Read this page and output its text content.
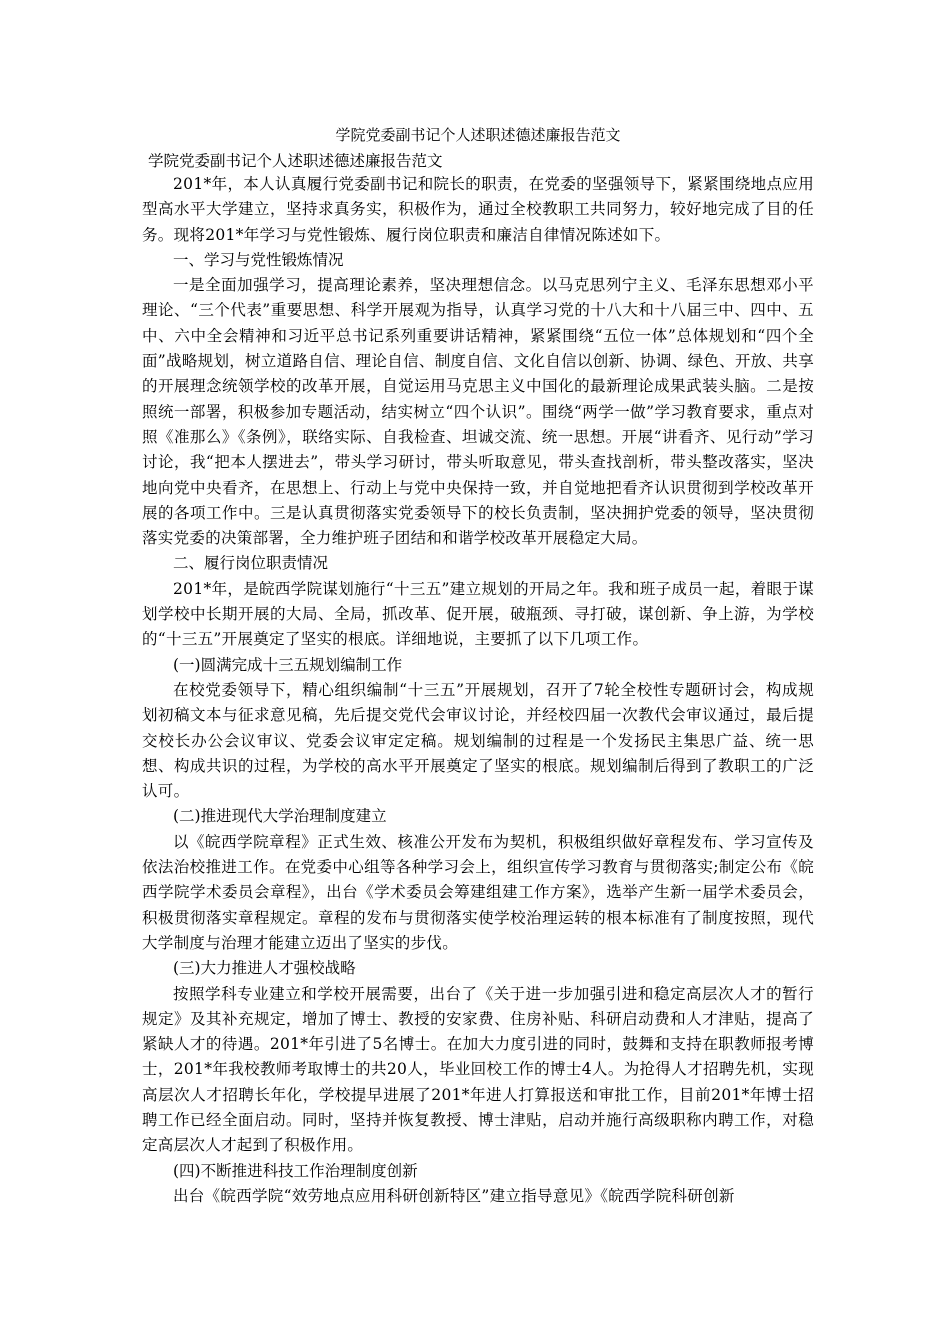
学院党委副书记个人述职述德述廉报告范文

学院党委副书记个人述职述德述廉报告范文

201*年，本人认真履行党委副书记和院长的职责，在党委的坚强领导下，紧紧围绕地点应用型高水平大学建立，坚持求真务实，积极作为，通过全校教职工共同努力，较好地完成了目的任务。现将201*年学习与党性锻炼、履行岗位职责和廉洁自律情况陈述如下。

一、学习与党性锻炼情况

一是全面加强学习，提高理论素养，坚决理想信念。以马克思列宁主义、毛泽东思想邓小平理论、“三个代表”重要思想、科学开展观为指导，认真学习党的十八大和十八届三中、四中、五中、六中全会精神和习近平总书记系列重要讲话精神，紧紧围绕“五位一体”总体规划和“四个全面”战略规划，树立道路自信、理论自信、制度自信、文化自信以创新、协调、绿色、开放、共享的开展理念统领学校的改革开展，自觉运用马克思主义中国化的最新理论成果武装头脑。二是按照统一部署，积极参加专题活动，结实树立“四个认识”。围绕“两学一做”学习教育要求，重点对照《准那么》《条例》，联络实际、自我检查、坦诚交流、统一思想。开展“讲看齐、见行动”学习讨论，我“把本人摆进去”，带头学习研讨，带头听取意见，带头查找剖析，带头整改落实，坚决地向党中央看齐，在思想上、行动上与党中央保持一致，并自觉地把看齐认识贯彻到学校改革开展的各项工作中。三是认真贯彻落实党委领导下的校长负责制，坚决拥护党委的领导，坚决贯彻落实党委的决策部署，全力维护班子团结和和谐学校改革开展稳定大局。

二、履行岗位职责情况

201*年，是皖西学院谋划施行“十三五”建立规划的开局之年。我和班子成员一起，着眼于谋划学校中长期开展的大局、全局，抓改革、促开展，破瓶颈、寻打破，谋创新、争上游，为学校的“十三五”开展奠定了坚实的根底。详细地说，主要抓了以下几项工作。

(一)圆满完成十三五规划编制工作

在校党委领导下，精心组织编制“十三五”开展规划，召开了7轮全校性专题研讨会，构成规划初稿文本与征求意见稿，先后提交党代会审议讨论，并经校四届一次教代会审议通过，最后提交校长办公会议审议、党委会议审定定稿。规划编制的过程是一个发扬民主集思广益、统一思想、构成共识的过程，为学校的高水平开展奠定了坚实的根底。规划编制后得到了教职工的广泛认可。

(二)推进现代大学治理制度建立

以《皖西学院章程》正式生效、核准公开发布为契机，积极组织做好章程发布、学习宣传及依法治校推进工作。在党委中心组等各种学习会上，组织宣传学习教育与贯彻落实;制定公布《皖西学院学术委员会章程》，出台《学术委员会筹建组建工作方案》，选举产生新一届学术委员会，积极贯彻落实章程规定。章程的发布与贯彻落实使学校治理运转的根本标准有了制度按照，现代大学制度与治理才能建立迈出了坚实的步伐。

(三)大力推进人才强校战略

按照学科专业建立和学校开展需要，出台了《关于进一步加强引进和稳定高层次人才的暂行规定》及其补充规定，增加了博士、教授的安家费、住房补贴、科研启动费和人才津贴，提高了紧缺人才的待遇。201*年引进了5名博士。在加大力度引进的同时，鼓舞和支持在职教师报考博士，201*年我校教师考取博士的共20人，毕业回校工作的博士4人。为抢得人才招聘先机，实现高层次人才招聘长年化，学校提早进展了201*年进人打算报送和审批工作，目前201*年博士招聘工作已经全面启动。同时，坚持并恢复教授、博士津贴，启动并施行高级职称内聘工作，对稳定高层次人才起到了积极作用。

(四)不断推进科技工作治理制度创新

出台《皖西学院“效劳地点应用科研创新特区”建立指导意见》《皖西学院科研创新
